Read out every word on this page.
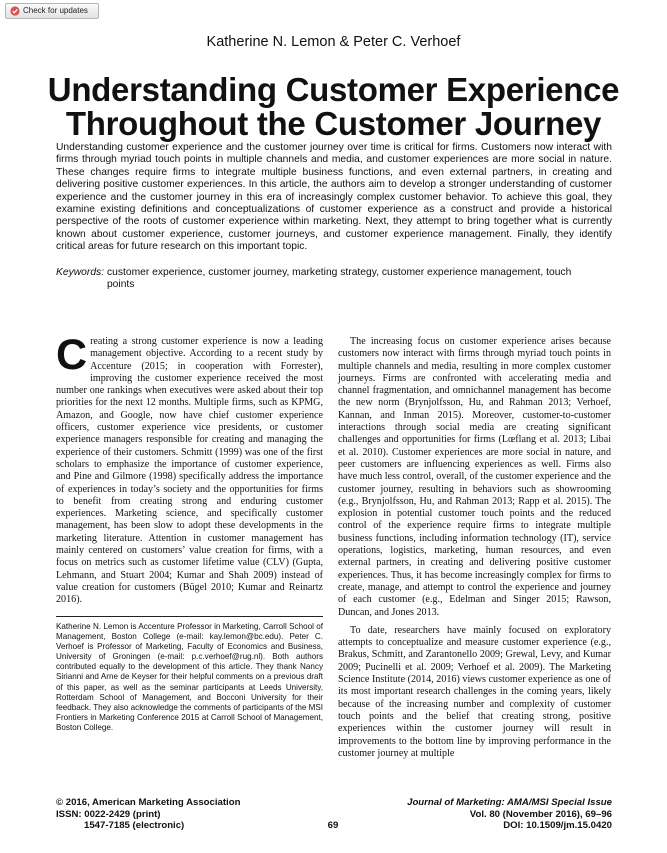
Check for updates
Katherine N. Lemon & Peter C. Verhoef
Understanding Customer Experience
Throughout the Customer Journey
Understanding customer experience and the customer journey over time is critical for firms. Customers now interact with firms through myriad touch points in multiple channels and media, and customer experiences are more social in nature. These changes require firms to integrate multiple business functions, and even external partners, in creating and delivering positive customer experiences. In this article, the authors aim to develop a stronger understanding of customer experience and the customer journey in this era of increasingly complex customer behavior. To achieve this goal, they examine existing definitions and conceptualizations of customer experience as a construct and provide a historical perspective of the roots of customer experience within marketing. Next, they attempt to bring together what is currently known about customer experience, customer journeys, and customer experience management. Finally, they identify critical areas for future research on this important topic.
Keywords: customer experience, customer journey, marketing strategy, customer experience management, touch points
Creating a strong customer experience is now a leading management objective. According to a recent study by Accenture (2015; in cooperation with Forrester), improving the customer experience received the most number one rankings when executives were asked about their top priorities for the next 12 months. Multiple firms, such as KPMG, Amazon, and Google, now have chief customer experience officers, customer experience vice presidents, or customer experience managers responsible for creating and managing the experience of their customers. Schmitt (1999) was one of the first scholars to emphasize the importance of customer experience, and Pine and Gilmore (1998) specifically address the importance of experiences in today’s society and the opportunities for firms to benefit from creating strong and enduring customer experiences. Marketing science, and specifically customer management, has been slow to adopt these developments in the marketing literature. Attention in customer management has mainly centered on customers’ value creation for firms, with a focus on metrics such as customer lifetime value (CLV) (Gupta, Lehmann, and Stuart 2004; Kumar and Shah 2009) instead of value creation for customers (Bügel 2010; Kumar and Reinartz 2016).

The increasing focus on customer experience arises because customers now interact with firms through myriad touch points in multiple channels and media, resulting in more complex customer journeys. Firms are confronted with accelerating media and channel fragmentation, and omnichannel management has become the new norm (Brynjolfsson, Hu, and Rahman 2013; Verhoef, Kannan, and Inman 2015). Moreover, customer-to-customer interactions through social media are creating significant challenges and opportunities for firms (Lœflang et al. 2013; Libai et al. 2010). Customer experiences are more social in nature, and peer customers are influencing experiences as well. Firms also have much less control, overall, of the customer experience and the customer journey, resulting in behaviors such as showrooming (e.g., Brynjolfsson, Hu, and Rahman 2013; Rapp et al. 2015). The explosion in potential customer touch points and the reduced control of the experience require firms to integrate multiple business functions, including information technology (IT), service operations, logistics, marketing, human resources, and even external partners, in creating and delivering positive customer experiences. Thus, it has become increasingly complex for firms to create, manage, and attempt to control the experience and journey of each customer (e.g., Edelman and Singer 2015; Rawson, Duncan, and Jones 2013.

To date, researchers have mainly focused on exploratory attempts to conceptualize and measure customer experience (e.g., Brakus, Schmitt, and Zarantonello 2009; Grewal, Levy, and Kumar 2009; Pucinelli et al. 2009; Verhoef et al. 2009). The Marketing Science Institute (2014, 2016) views customer experience as one of its most important research challenges in the coming years, likely because of the increasing number and complexity of customer touch points and the belief that creating strong, positive experiences within the customer journey will result in improvements to the bottom line by improving performance in the customer journey at multiple

Katherine N. Lemon is Accenture Professor in Marketing, Carroll School of Management, Boston College (e-mail: kay.lemon@bc.edu). Peter C. Verhoef is Professor of Marketing, Faculty of Economics and Business, University of Groningen (e-mail: p.c.verhoef@rug.nl). Both authors contributed equally to the development of this article. They thank Nancy Sirianni and Arne de Keyser for their helpful comments on a previous draft of this paper, as well as the seminar participants at Leeds University, Rotterdam School of Management, and Bocconi University for their feedback. They also acknowledge the comments of participants of the MSI Frontiers in Marketing Conference 2015 at Carroll School of Management, Boston College.
© 2016, American Marketing Association
ISSN: 0022-2429 (print)
1547-7185 (electronic)	69
Journal of Marketing: AMA/MSI Special Issue
Vol. 80 (November 2016), 69–96
DOI: 10.1509/jm.15.0420
